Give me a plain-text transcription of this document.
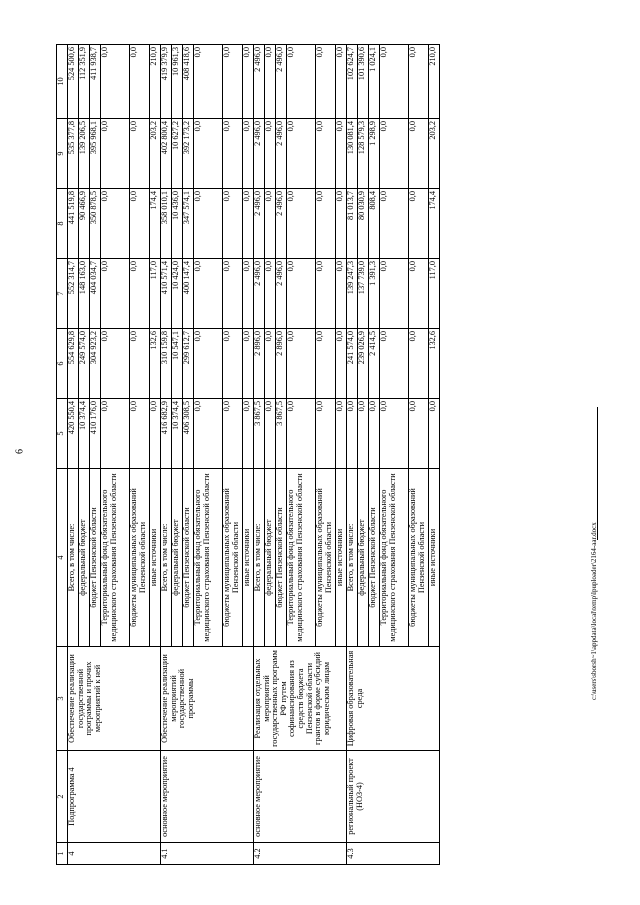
6
c:\users\sborsh~1\appdata\local\temp\lpuploader\2164-aar.docx
1	2	3	4	5	6	7	8	9	10
4	Подпрограмма 4	Обеспечение реализации государственной программы и прочих мероприятий к ней	Всего, в том числе:	420 550,4	554 629,8	552 314,7	441 519,8	535 377,8	524 500,6
			федеральный бюджет	10 374,4	249 574,0	148 163,0	90 466,9	139 206,5	112 351,9
			бюджет Пензенской области	410 176,0	304 923,2	404 034,7	350 878,5	395 968,1	411 938,7
			Территориальный фонд обязательного медицинского страхования Пензенской области	0,0	0,0	0,0	0,0	0,0	0,0
			бюджеты муниципальных образований Пензенской области	0,0	0,0	0,0	0,0	0,0	0,0
			иные источники	0,0	132,6	117,0	174,4	203,2	210,0
4.1	основное мероприятие	Обеспечение реализации мероприятий государственной программы	Всего, в том числе:	416 682,9	310 159,8	410 571,4	358 010,1	402 800,4	419 379,9
			федеральный бюджет	10 374,4	10 547,1	10 424,0	10 436,0	10 627,2	10 961,3
			бюджет Пензенской области	406 308,5	299 612,7	400 147,4	347 574,1	392 173,2	408 418,6
			Территориальный фонд обязательного медицинского страхования Пензенской области	0,0	0,0	0,0	0,0	0,0	0,0
			бюджеты муниципальных образований Пензенской области	0,0	0,0	0,0	0,0	0,0	0,0
			иные источники	0,0	0,0	0,0	0,0	0,0	0,0
4.2	основное мероприятие	Реализация отдельных мероприятий государственных программ РФ путем софинансирования из средств бюджета Пензенской области грантов в форме субсидий юридическим лицам	Всего, в том числе:	3 867,5	2 896,0	2 496,0	2 496,0	2 496,0	2 496,0
			федеральный бюджет	0,0	0,0	0,0	0,0	0,0	0,0
			бюджет Пензенской области	3 867,5	2 896,0	2 496,0	2 496,0	2 496,0	2 496,0
			Территориальный фонд обязательного медицинского страхования Пензенской области	0,0	0,0	0,0	0,0	0,0	0,0
			бюджеты муниципальных образований Пензенской области	0,0	0,0	0,0	0,0	0,0	0,0
			иные источники	0,0	0,0	0,0	0,0	0,0	0,0
4.3	региональный проект (НОЗ-4)	Цифровая образовательная среда	Всего, в том числе:	0,0	241 574,0	139 247,3	81 013,7	130 081,4	102 624,7
			федеральный бюджет	0,0	239 026,9	137 739,0	80 030,9	128 579,3	101 390,6
			бюджет Пензенской области	0,0	2 414,5	1 391,3	808,4	1 298,9	1 024,1
			Территориальный фонд обязательного медицинского страхования Пензенской области	0,0	0,0	0,0	0,0	0,0	0,0
			бюджеты муниципальных образований Пензенской области	0,0	0,0	0,0	0,0	0,0	0,0
			иные источники	0,0	132,6	117,0	174,4	203,2	210,0
